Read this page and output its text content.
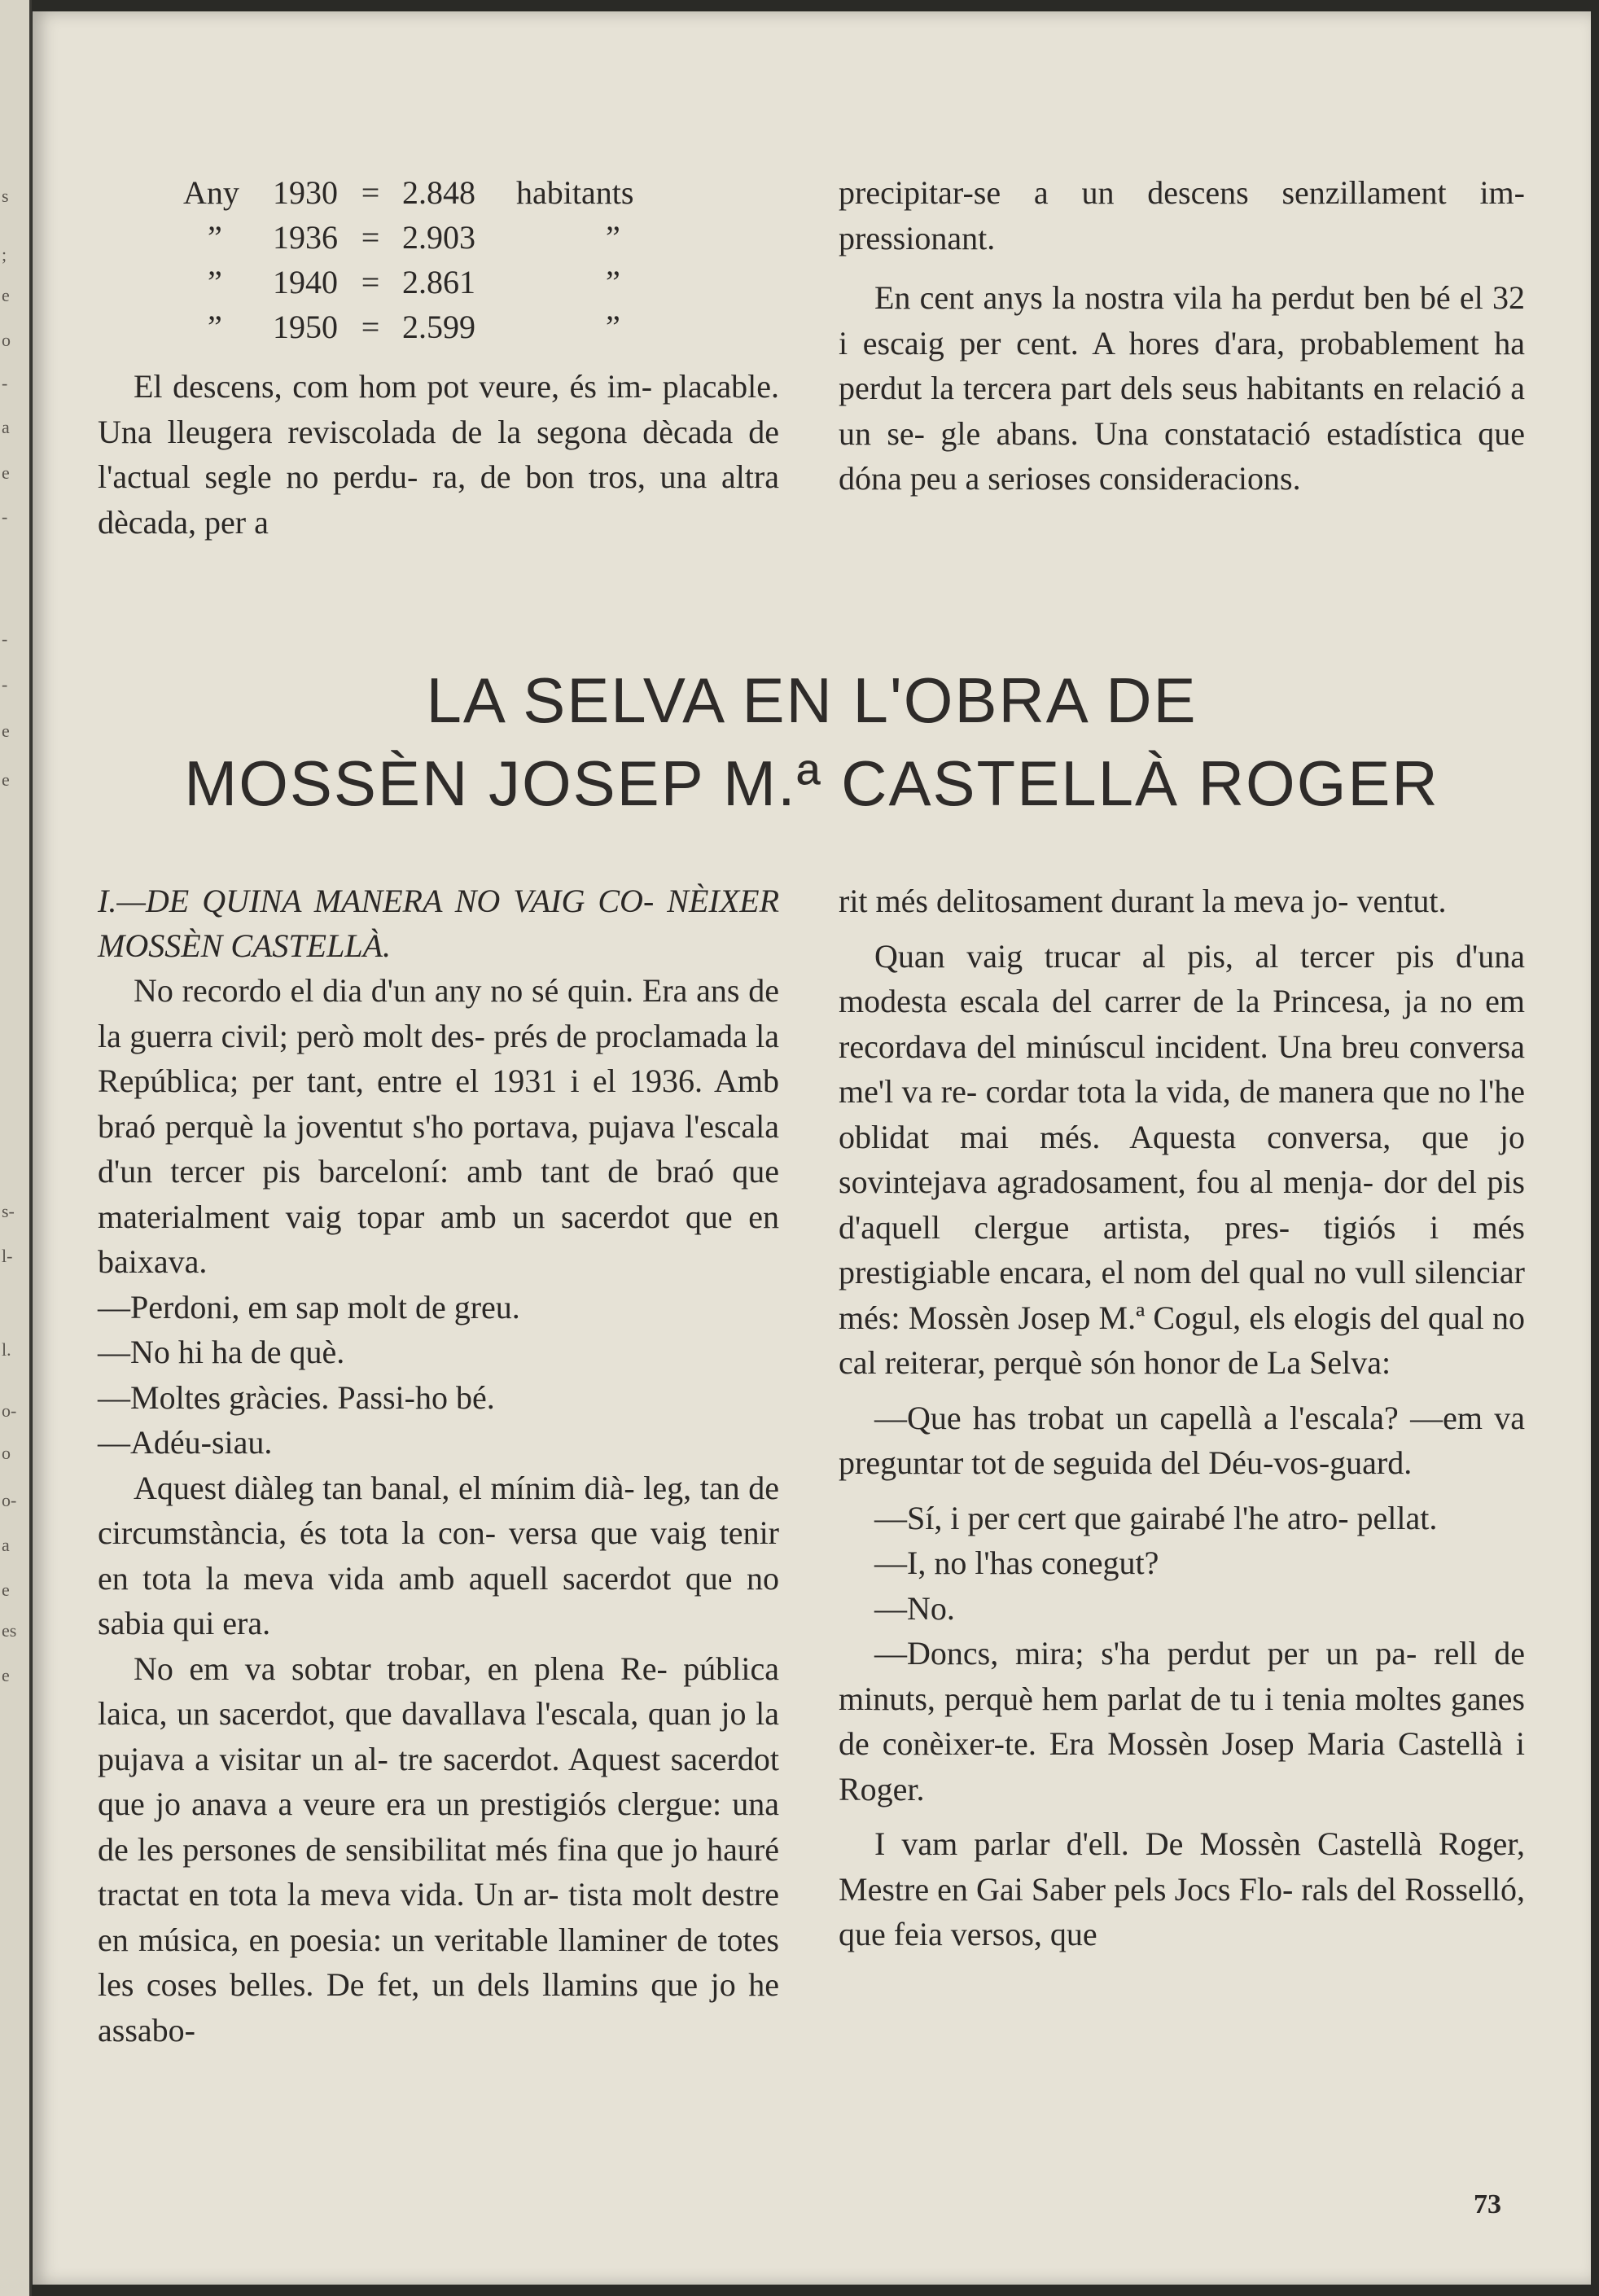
s
;
e
o
-
a
e
-
-
-
e
e
s-
l-
l.
o-
o
o-
a
e
es
e
Any	1930 = 2.848	habitants
”	1936 = 2.903	”
”	1940 = 2.861	”
”	1950 = 2.599	”

El descens, com hom pot veure, és im- placable. Una lleugera reviscolada de la segona dècada de l'actual segle no perdu- ra, de bon tros, una altra dècada, per a

precipitar-se a un descens senzillament im- pressionant.

En cent anys la nostra vila ha perdut ben bé el 32 i escaig per cent. A hores d'ara, probablement ha perdut la tercera part dels seus habitants en relació a un se- gle abans. Una constatació estadística que dóna peu a serioses consideracions.

LA SELVA EN L'OBRA DE
MOSSÈN JOSEP M.ª CASTELLÀ ROGER

I.—DE QUINA MANERA NO VAIG CO- NÈIXER MOSSÈN CASTELLÀ.

No recordo el dia d'un any no sé quin. Era ans de la guerra civil; però molt des- prés de proclamada la República; per tant, entre el 1931 i el 1936. Amb braó perquè la joventut s'ho portava, pujava l'escala d'un tercer pis barceloní: amb tant de braó que materialment vaig topar amb un sacerdot que en baixava.

—Perdoni, em sap molt de greu.

—No hi ha de què.

—Moltes gràcies. Passi-ho bé.

—Adéu-siau.

Aquest diàleg tan banal, el mínim dià- leg, tan de circumstància, és tota la con- versa que vaig tenir en tota la meva vida amb aquell sacerdot que no sabia qui era.

No em va sobtar trobar, en plena Re- pública laica, un sacerdot, que davallava l'escala, quan jo la pujava a visitar un al- tre sacerdot. Aquest sacerdot que jo anava a veure era un prestigiós clergue: una de les persones de sensibilitat més fina que jo hauré tractat en tota la meva vida. Un ar- tista molt destre en música, en poesia: un veritable llaminer de totes les coses belles. De fet, un dels llamins que jo he assabo-

rit més delitosament durant la meva jo- ventut.

Quan vaig trucar al pis, al tercer pis d'una modesta escala del carrer de la Princesa, ja no em recordava del minúscul incident. Una breu conversa me'l va re- cordar tota la vida, de manera que no l'he oblidat mai més. Aquesta conversa, que jo sovintejava agradosament, fou al menja- dor del pis d'aquell clergue artista, pres- tigiós i més prestigiable encara, el nom del qual no vull silenciar més: Mossèn Josep M.ª Cogul, els elogis del qual no cal reiterar, perquè són honor de La Selva:

—Que has trobat un capellà a l'escala? —em va preguntar tot de seguida del Déu-vos-guard.

—Sí, i per cert que gairabé l'he atro- pellat.

—I, no l'has conegut?

—No.

—Doncs, mira; s'ha perdut per un pa- rell de minuts, perquè hem parlat de tu i tenia moltes ganes de conèixer-te. Era Mossèn Josep Maria Castellà i Roger.

I vam parlar d'ell. De Mossèn Castellà Roger, Mestre en Gai Saber pels Jocs Flo- rals del Rosselló, que feia versos, que

73
